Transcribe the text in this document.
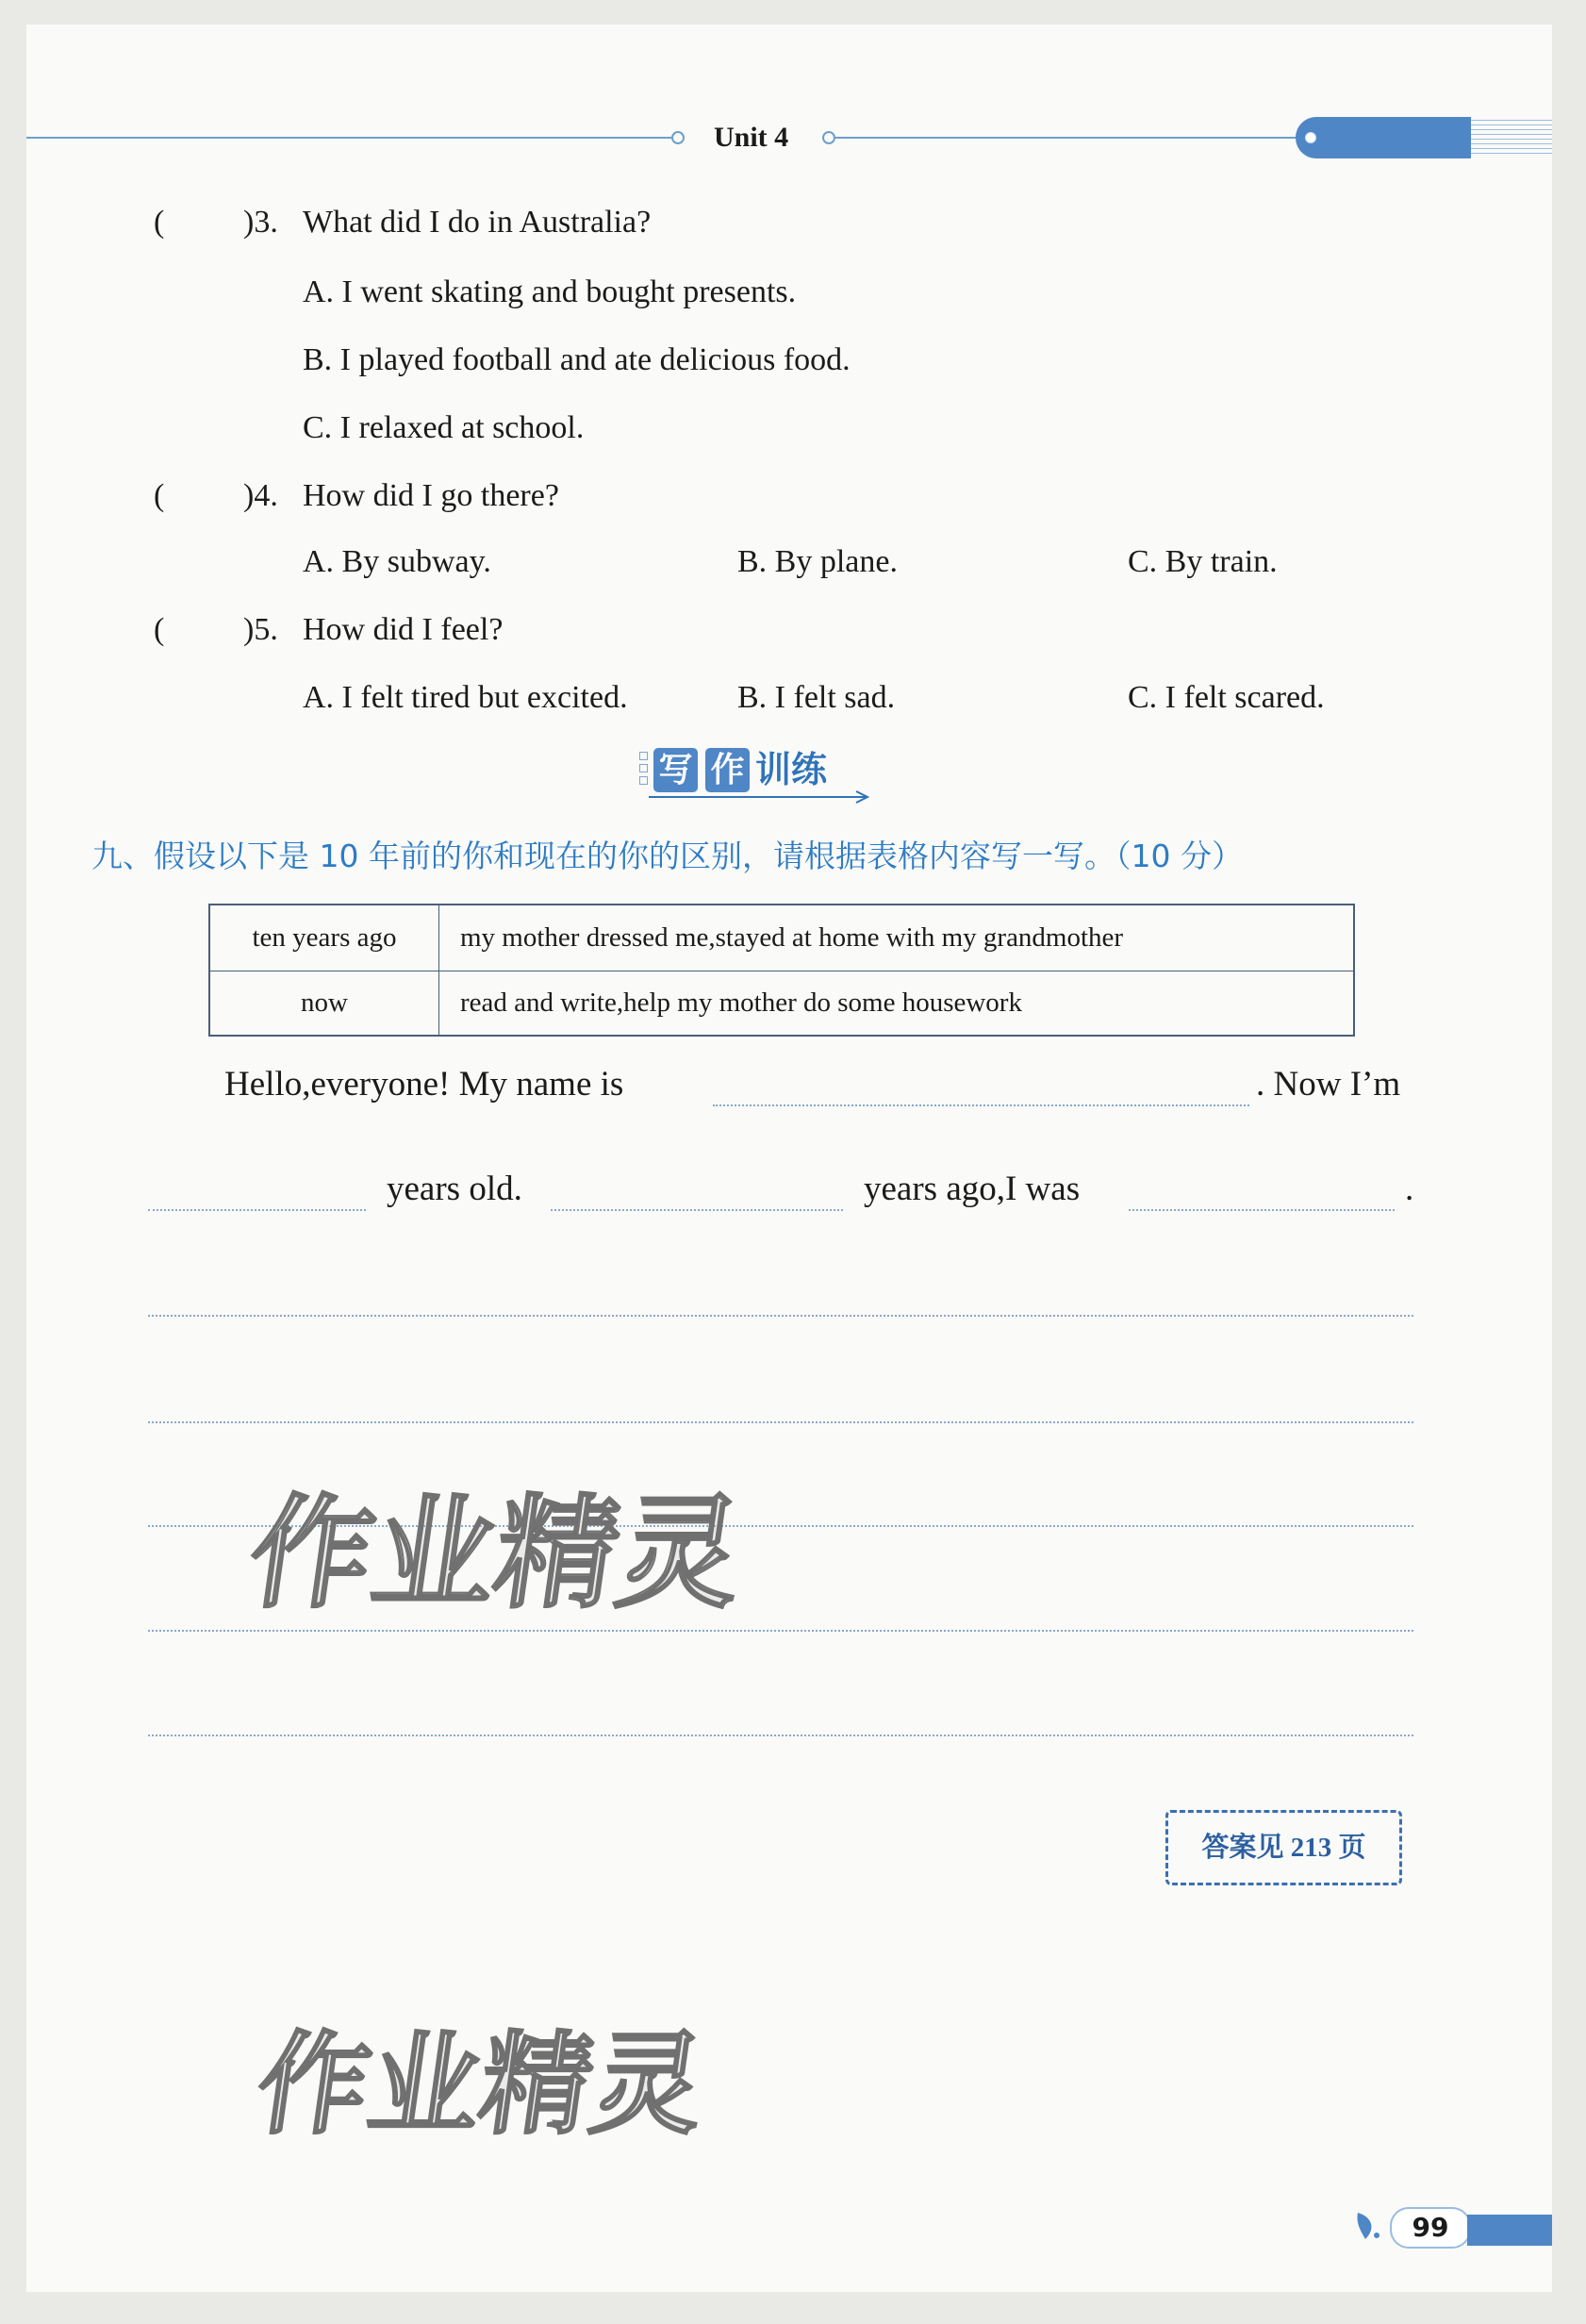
Unit 4
( )3. What did I do in Australia?
A. I went skating and bought presents.
B. I played football and ate delicious food.
C. I relaxed at school.
( )4. How did I go there?
A. By subway.	B. By plane.	C. By train.
( )5. How did I feel?
A. I felt tired but excited.	B. I felt sad.	C. I felt scared.
写 作 训练
九、假设以下是 10 年前的你和现在的你的区别，请根据表格内容写一写。（10 分）
ten years ago	my mother dressed me,stayed at home with my grandmother
now	read and write,help my mother do some housework
Hello,everyone! My name is	. Now I’m
years old.	years ago,I was	.
作业精灵
作业精灵
答案见 213 页
99
